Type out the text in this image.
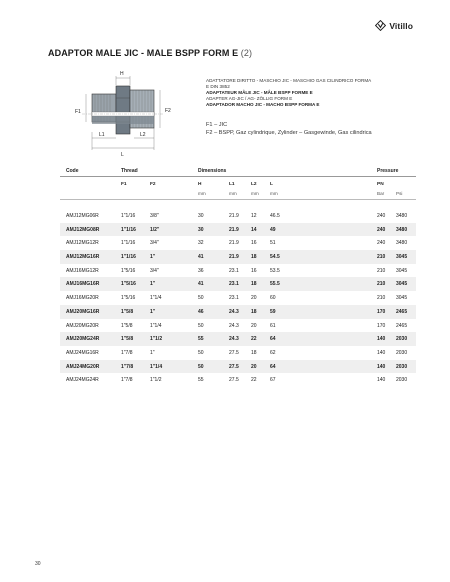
Vitillo
ADAPTOR MALE JIC - MALE BSPP FORM E (2)
H
F1	F2
L1	L2
L
ADATTATORE DIRITTO - MASCHIO JIC - MASCHIO GAS CILINDRICO FORMA
E DIN 3852
ADAPTATEUR MÂLE JIC - MÂLE BSPP FORME E
ADAPTER AG-JIC / AG- ZÖLLIG FORM E
ADAPTADOR MACHO JIC - MACHO BSPP FORMA E
F1 – JIC
F2 – BSPP, Gaz cylindrique, Zylinder – Gasgewinde, Gas cilindrica
Code	Thread	Dimensions	Pressure
F1	F2	H	L1	L2	L	PN
mm	mm	mm mm	Bar	Psi
AMJ12MG06R	1"1/16	3/8"	30	21.9 12	46.5	240 3480
AMJ12MG08R	1"1/16	1/2"	30	21.9 14	49	240 3480
AMJ12MG12R	1"1/16	3/4"	32	21.9 16	51	240 3480
AMJ12MG16R	1"1/16	1"	41	21.9 18	54.5	210 3045
AMJ16MG12R	1"5/16	3/4"	36	23.1 16	53.5	210 3045
AMJ16MG16R	1"5/16	1"	41	23.1 18	55.5	210 3045
AMJ16MG20R	1"5/16	1"1/4	50	23.1 20	60	210 3045
AMJ20MG16R	1"5/8	1"	46	24.3 18	59	170 2465
AMJ20MG20R	1"5/8	1"1/4	50	24.3 20	61	170 2465
AMJ20MG24R	1"5/8	1"1/2	55	24.3 22	64	140 2030
AMJ24MG16R	1"7/8	1"	50	27.5 18	62	140 2030
AMJ24MG20R	1"7/8	1"1/4	50	27.5 20	64	140 2030
AMJ24MG24R	1"7/8	1"1/2	55	27.5 22	67	140 2030
30
